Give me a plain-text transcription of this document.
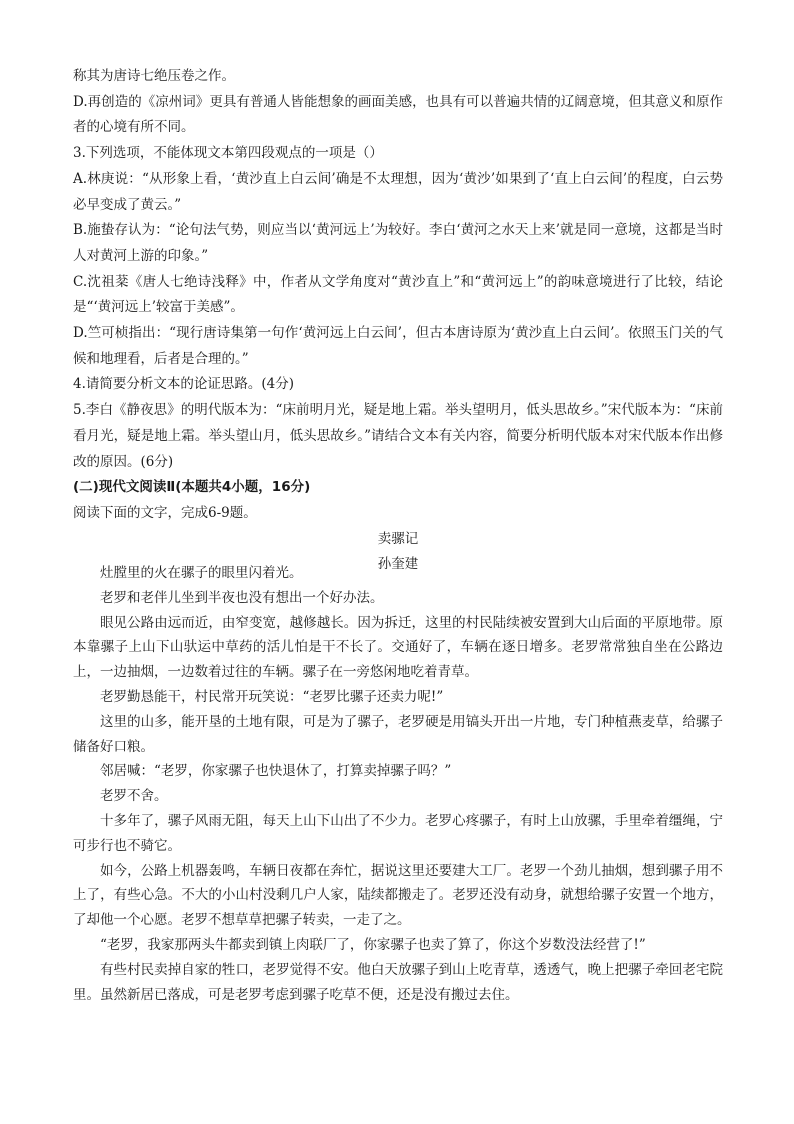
称其为唐诗七绝压卷之作。

D.再创造的《凉州词》更具有普通人皆能想象的画面美感，也具有可以普遍共情的辽阔意境，但其意义和原作者的心境有所不同。

3.下列选项，不能体现文本第四段观点的一项是（）

A.林庚说：“从形象上看，‘黄沙直上白云间’确是不太理想，因为‘黄沙’如果到了‘直上白云间’的程度，白云势必早变成了黄云。”

B.施蛰存认为：“论句法气势，则应当以‘黄河远上’为较好。李白‘黄河之水天上来’就是同一意境，这都是当时人对黄河上游的印象。”

C.沈祖棻《唐人七绝诗浅释》中，作者从文学角度对“黄沙直上”和“黄河远上”的韵味意境进行了比较，结论是“‘黄河远上’较富于美感”。

D.竺可桢指出：“现行唐诗集第一句作‘黄河远上白云间’，但古本唐诗原为‘黄沙直上白云间’。依照玉门关的气候和地理看，后者是合理的。”

4.请简要分析文本的论证思路。(4分)

5.李白《静夜思》的明代版本为：“床前明月光，疑是地上霜。举头望明月，低头思故乡。”宋代版本为：“床前看月光，疑是地上霜。举头望山月，低头思故乡。”请结合文本有关内容，简要分析明代版本对宋代版本作出修改的原因。(6分)

(二)现代文阅读Ⅱ(本题共4小题，16分)

阅读下面的文字，完成6-9题。

卖骡记

孙奎建

灶膛里的火在骡子的眼里闪着光。

老罗和老伴儿坐到半夜也没有想出一个好办法。

眼见公路由远而近，由窄变宽，越修越长。因为拆迁，这里的村民陆续被安置到大山后面的平原地带。原本靠骡子上山下山驮运中草药的活儿怕是干不长了。交通好了，车辆在逐日增多。老罗常常独自坐在公路边上，一边抽烟，一边数着过往的车辆。骡子在一旁悠闲地吃着青草。

老罗勤恳能干，村民常开玩笑说：“老罗比骡子还卖力呢!”

这里的山多，能开垦的土地有限，可是为了骡子，老罗硬是用镐头开出一片地，专门种植燕麦草，给骡子储备好口粮。

邻居喊：“老罗，你家骡子也快退休了，打算卖掉骡子吗？”

老罗不舍。

十多年了，骡子风雨无阻，每天上山下山出了不少力。老罗心疼骡子，有时上山放骡，手里牵着缰绳，宁可步行也不骑它。

如今，公路上机器轰鸣，车辆日夜都在奔忙，据说这里还要建大工厂。老罗一个劲儿抽烟，想到骡子用不上了，有些心急。不大的小山村没剩几户人家，陆续都搬走了。老罗还没有动身，就想给骡子安置一个地方，了却他一个心愿。老罗不想草草把骡子转卖，一走了之。

“老罗，我家那两头牛都卖到镇上肉联厂了，你家骡子也卖了算了，你这个岁数没法经营了!”

有些村民卖掉自家的牲口，老罗觉得不安。他白天放骡子到山上吃青草，透透气，晚上把骡子牵回老宅院里。虽然新居已落成，可是老罗考虑到骡子吃草不便，还是没有搬过去住。
